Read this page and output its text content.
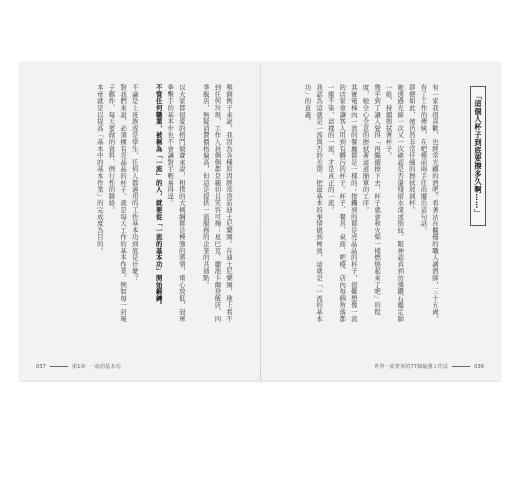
舉個例子來說，我因為各種原因經常造訪迪士尼樂園。在迪士尼樂園，地上看不到任何垃圾，工作人員個個都是親切且笑容可掬；星巴克、麗池卡爾登飯店、四季飯店，無疑消費價格偏高，但這是提供一流服務的企業的共通點。

以大家都很愛的格鬥競賽來說，相撲的大橫綱都是極強的將領，重心放低，冠軍拳擊手的基本步也不會讓對手輕易得逞。

不管任何職業，被稱為「一流」的人，就要從「一流的基本功」開始鍛鍊。

不論是上班族或是學生，任何人都適用的工作基本功到底是什麼？

對我們來說，必須擁有亮晶晶的杯子，就是每天工作的基本作業。例如每一封電子郵件、每天要做的資料、例行性的聯絡。

本章就是以提高「基本中的基本作業」的完成度為目的。

037	第1章 一流的基本功
「這個人杯子到底要擦多久啊……」

有一家我很喜歡，也經常光顧的酒吧。看著站在櫃檯的職人調酒師，三十五歲，有了工作的傳統，在吧檯前兩手任由擺出這句話。

即便如此，她仍然非常仔細的擦拭玻璃杯。

她透過光線一次又一次確認是否還殘留水漬或指紋，眼神認真到彷彿鑽石鑑定師一般，持續擦拭著杯子。

幾乎到了讓人覺得「再繼續擦下去，杯子就會和火柴一樣燃燒起來了吧」的程度，她全心全意的擦拭著這道簡單的工序。

其實電梯內一流的餐廳都是一樣的；接觸到的都是亮晶晶的杯子，很難想像一流的店家會讓客人用到有髒污的杯子。杯子、餐具、桌面、吧檯、店內每個角落都一塵不染，這樣的一流，才是真正的一流。

我認為這就是一流與否的差別：把最基本的事情做到極致，這就是「一流的基本功」的意義。

世界一流菁英的77個最強工作法	036
